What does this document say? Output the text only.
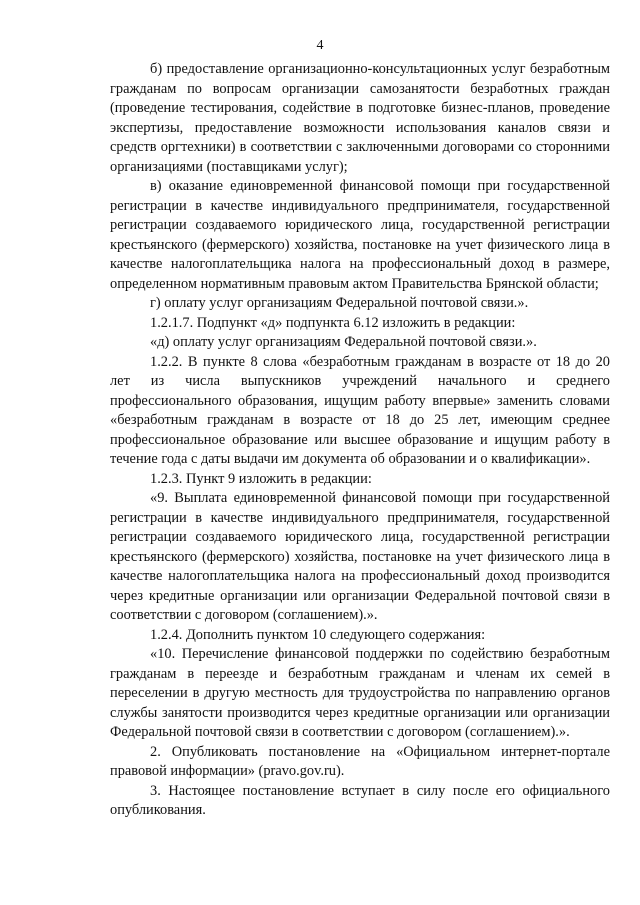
4

б) предоставление организационно-консультационных услуг безработным гражданам по вопросам организации самозанятости безработных граждан (проведение тестирования, содействие в подготовке бизнес-планов, проведение экспертизы, предоставление возможности использования каналов связи и средств оргтехники) в соответствии с заключенными договорами со сторонними организациями (поставщиками услуг);

в) оказание единовременной финансовой помощи при государственной регистрации в качестве индивидуального предпринимателя, государственной регистрации создаваемого юридического лица, государственной регистрации крестьянского (фермерского) хозяйства, постановке на учет физического лица в качестве налогоплательщика налога на профессиональный доход в размере, определенном нормативным правовым актом Правительства Брянской области;

г) оплату услуг организациям Федеральной почтовой связи.».

1.2.1.7. Подпункт «д» подпункта 6.12 изложить в редакции:

«д) оплату услуг организациям Федеральной почтовой связи.».

1.2.2. В пункте 8 слова «безработным гражданам в возрасте от 18 до 20 лет из числа выпускников учреждений начального и среднего профессионального образования, ищущим работу впервые» заменить словами «безработным гражданам в возрасте от 18 до 25 лет, имеющим среднее профессиональное образование или высшее образование и ищущим работу в течение года с даты выдачи им документа об образовании и о квалификации».

1.2.3. Пункт 9 изложить в редакции:

«9. Выплата единовременной финансовой помощи при государственной регистрации в качестве индивидуального предпринимателя, государственной регистрации создаваемого юридического лица, государственной регистрации крестьянского (фермерского) хозяйства, постановке на учет физического лица в качестве налогоплательщика налога на профессиональный доход производится через кредитные организации или организации Федеральной почтовой связи в соответствии с договором (соглашением).».

1.2.4. Дополнить пунктом 10 следующего содержания:

«10. Перечисление финансовой поддержки по содействию безработным гражданам в переезде и безработным гражданам и членам их семей в переселении в другую местность для трудоустройства по направлению органов службы занятости производится через кредитные организации или организации Федеральной почтовой связи в соответствии с договором (соглашением).».

2. Опубликовать постановление на «Официальном интернет-портале правовой информации» (pravo.gov.ru).

3. Настоящее постановление вступает в силу после его официального опубликования.
